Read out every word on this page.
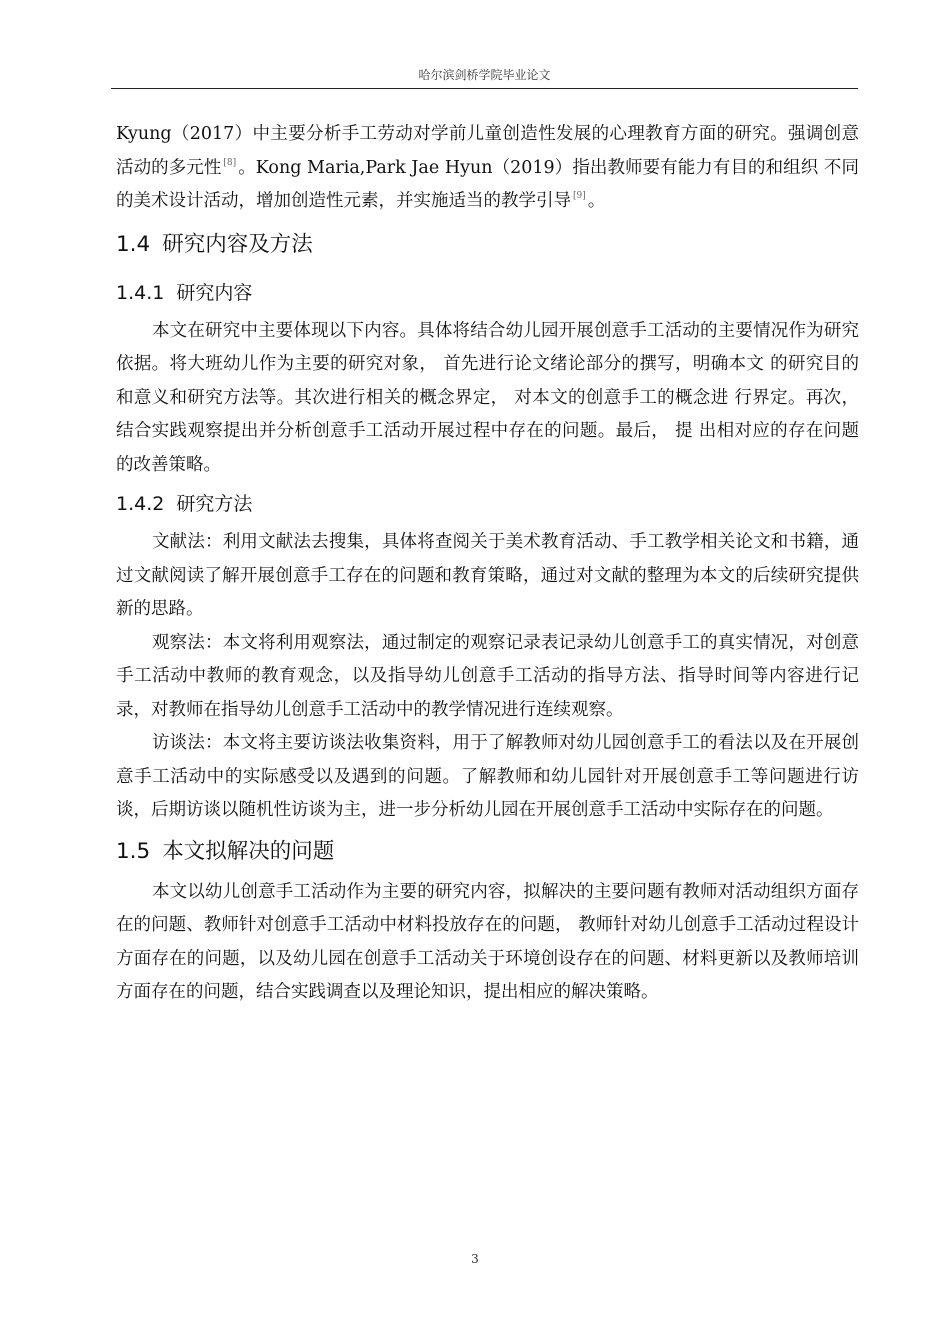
哈尔滨剑桥学院毕业论文

Kyung（2017）中主要分析手工劳动对学前儿童创造性发展的心理教育方面的研究。强调创意活动的多元性 [8] 。Kong Maria,Park Jae Hyun（2019）指出教师要有能力有目的和组织 不同的美术设计活动，增加创造性元素，并实施适当的教学引导 [9] 。

1.4 研究内容及方法
1.4.1 研究内容

本文在研究中主要体现以下内容。具体将结合幼儿园开展创意手工活动的主要情况作为研究依据。将大班幼儿作为主要的研究对象， 首先进行论文绪论部分的撰写，明确本文 的研究目的和意义和研究方法等。其次进行相关的概念界定， 对本文的创意手工的概念进 行界定。再次， 结合实践观察提出并分析创意手工活动开展过程中存在的问题。最后， 提 出相对应的存在问题的改善策略。

1.4.2 研究方法

文献法：利用文献法去搜集，具体将查阅关于美术教育活动、手工教学相关论文和书籍，通过文献阅读了解开展创意手工存在的问题和教育策略，通过对文献的整理为本文的后续研究提供新的思路。

观察法：本文将利用观察法，通过制定的观察记录表记录幼儿创意手工的真实情况，对创意手工活动中教师的教育观念，以及指导幼儿创意手工活动的指导方法、指导时间等内容进行记录，对教师在指导幼儿创意手工活动中的教学情况进行连续观察。

访谈法：本文将主要访谈法收集资料，用于了解教师对幼儿园创意手工的看法以及在开展创意手工活动中的实际感受以及遇到的问题。了解教师和幼儿园针对开展创意手工等问题进行访谈，后期访谈以随机性访谈为主，进一步分析幼儿园在开展创意手工活动中实际存在的问题。

1.5 本文拟解决的问题

本文以幼儿创意手工活动作为主要的研究内容，拟解决的主要问题有教师对活动组织方面存在的问题、教师针对创意手工活动中材料投放存在的问题， 教师针对幼儿创意手工活动过程设计方面存在的问题，以及幼儿园在创意手工活动关于环境创设存在的问题、材料更新以及教师培训方面存在的问题，结合实践调查以及理论知识，提出相应的解决策略。

3
